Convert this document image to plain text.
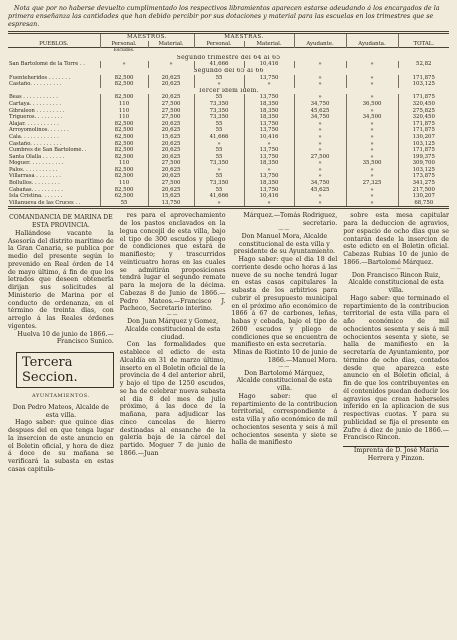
Nota que por no haberse devuelto cumplimentado los respectivos libramientos aparecen estarse adeudando á los encargados de la primera enseñanza las cantidades que han debido percibir por sus dotaciones y material para las escuelas en los trimestres que se espresan.

	MAESTROS.		MAESTRAS.				
PUEBLOS.	Personal.	Material.	Personal.	Material.	Ayudante.	Ayudanta.	TOTAL.
	Escudos.						
Segundo trimestre del 64 al 65							
San Bartolomé de la Torre . .	»	»	41,666	10,416	»	»	52,82
Segundo del 65 al 66							
Fuenteheridos . . . . . . .	82,500	20,625	55	13,750	»	»	171,875
Castaño. . . . . . . . . .	82,500	20,625	»	»	»	»	103,125
Tercer idem idem.							
Beas . . . . . . . . . . .	82,500	20,625	55	13,750	»	»	171,875
Cartaya. . . . . . . . . .	110	27,500	73,350	18,350	34,750	36,500	320,450
Gibraleon . . . . . . . . .	110	27,500	73,350	18,350	45,625	»	275,825
Trigueros. . . . . . . . .	110	27,500	73,350	18,350	34,750	34,500	320,450
Alajar. . . . . . . . . . .	82,500	20,625	55	13,750	»	»	171,875
Arroyomolinos. . . . . . .	82,500	20,625	55	13,750	»	»	171,875
Cala. . . . . . . . . . . .	62,500	15,625	41,666	10,416	»	»	130,207
Castaño. . . . . . . . . .	82,500	20,625	»	»	»	»	103,125
Cumbres de San Bartolomé. .	82,500	20,625	55	13,750	»	»	171,875
Santa Olalla . . . . . . .	82,500	20,625	55	13,750	27,500	»	199,375
Moguer. . . . . . . . . . .	110	27,500	73,350	18,350	»	35,500	309,700
Palos. . . . . . . . . . .	82,500	20,625	»	»	»	»	103,125
Villarrasa . . . . . . . .	82,500	20,625	55	13,750	»	»	173,875
Bollullos. . . . . . . . .	110	27,500	73,350	18,350	34,750	27,325	341,275
Cabañas. . . . . . . . . .	82,500	20,625	55	13,750	45,625	»	217,500
Isla Cristina. . . . . . .	62,500	15,625	41,666	10,416	»	»	130,207
Villanueva de las Cruces . .	55	13,750	»	»	»	»	68,750

COMANDANCIA DE MARINA DE ESTA PROVINCIA.

Hallándose vacante la Asesoría del distrito marítimo de la Gran Canaria, se publica por medio del presente según lo prevenido en Real órden de 14 de mayo último, á fin de que los letrados que deseen obtenerla dirijan sus solicitudes al Ministerio de Marina por el conducto de ordenanza, en el término de treinta dias, con arreglo á las Reales órdenes vigentes.

Huelva 10 de junio de 1866.—Francisco Sunico.

Tercera Seccion.

AYUNTAMIENTOS.

Don Pedro Mateos, Alcalde de esta villa.

Hago saber: que quince dias despues del en que tenga lugar la insercion de este anuncio en el Boletin oficial, y hora de diez á doce de su mañana se verificará la subasta en estas casas capitula-

res para el aprovechamiento de los pastos enclavados en la legua concejil de esta villa, bajo el tipo de 300 escudos y pliego de condiciones que estará de manifiesto; y trascurridos veinticuatro horas en las cuales se admitirán proposiciones tendrá lugar el segundo remate para la mejora de la décima. Cabezas 8 de Junio de 1866.—Pedro Mateos.—Francisco J. Pacheco, Secretario interino.

——

Don Juan Márquez y Gomez, Alcalde constitucional de esta ciudad.

Con las formalidades que establece el edicto de esta Alcaldía en 31 de marzo último, inserto en el Boletin oficial de la provincia de 4 del anterior abril, y bajo el tipo de 1250 escudos, se ha de celebrar nueva subasta el dia 8 del mes de julio próximo, á las doce de la mañana, para adjudicar las cinco cancelas de hierro destinadas al ensanche de la galería baja de la cárcel del partido. Moguer 7 de junio de 1866.—Juan

Márquez.—Tomás Rodriguez, secretario.

——

Don Manuel Mora, Alcalde constitucional de esta villa y presidente de su Ayuntamiento.

Hago saber: que el dia 18 del corriente desde ocho horas á las nueve de su noche tendrá lugar en estas casas capitulares la subasta de los arbitrios para cubrir el presupuesto municipal en el próximo año económico de 1866 á 67 de carbones, leñas, habas y cebada, bajo el tipo de 2600 escudos y pliego de condiciones que se encuentra de manifiesto en esta secretaría.

Minas de Riotinto 10 de junio de 1866.—Manuel Mora.

——

Don Bartolomé Márquez, Alcalde constitucional de esta villa.

Hago saber: que el repartimiento de la contribucion territorial, correspondiente á esta villa y año económico de mil ochocientos sesenta y seis á mil ochocientos sesenta y siete se halla de manifiesto

sobre esta mesa capitular para la deduccion de agravios, por espacio de ocho dias que se contarán desde la insercion de este edicto en el Boletin oficial. Cabezas Rubias 10 de junio de 1866.—Bartolomé Márquez.

——

Don Francisco Rincon Ruiz, Alcalde constitucional de esta villa.

Hago saber: que terminado el repartimiento de la contribucion territorial de esta villa para el año económico de mil ochocientos sesenta y seis á mil ochocientos sesenta y siete, se halla de manifiesto en la secretaría de Ayuntamiento, por término de ocho dias, contados desde que aparezca este anuncio en el Boletin oficial, á fin de que los contribuyentes en él contenidos puedan deducir los agravios que crean haberseles inferido en la aplicacion de sus respectivas cuotas. Y para su publicidad se fija el presente en Zufre á diez de junio de 1866.—Francisco Rincon.

Imprenta de D. José María Herrera y Pinzon.
